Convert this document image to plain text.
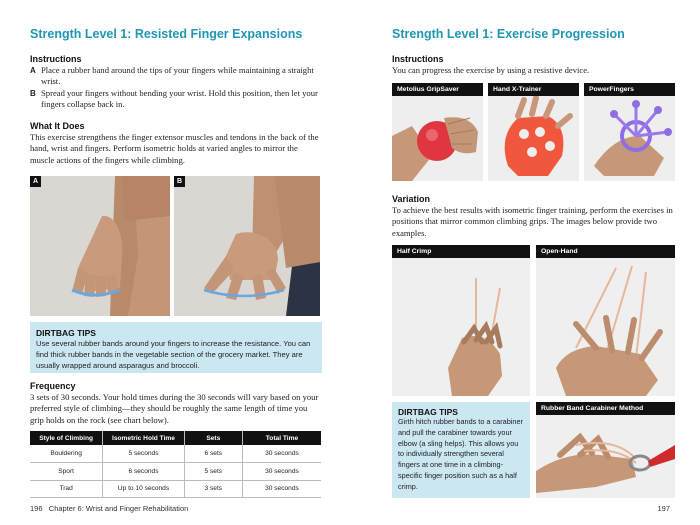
Strength Level 1: Resisted Finger Expansions
Instructions
A Place a rubber band around the tips of your fingers while maintaining a straight wrist.
B Spread your fingers without bending your wrist. Hold this position, then let your fingers collapse back in.
What It Does
This exercise strengthens the finger extensor muscles and tendons in the back of the hand, wrist and fingers. Perform isometric holds at varied angles to mirror the muscle actions of the fingers while climbing.
A	B
DIRTBAG TIPS
Use several rubber bands around your fingers to increase the resistance. You can find thick rubber bands in the vegetable section of the grocery market. They are usually wrapped around asparagus and broccoli.
Frequency
3 sets of 30 seconds. Your hold times during the 30 seconds will vary based on your preferred style of climbing—they should be roughly the same length of time you grip holds on the rock (see chart below).
Style of Climbing	Isometric Hold Time	Sets	Total Time
Bouldering	5 seconds	6 sets	30 seconds
Sport	6 seconds	5 sets	30 seconds
Trad	Up to 10 seconds	3 sets	30 seconds
196 Chapter 6: Wrist and Finger Rehabilitation
Strength Level 1: Exercise Progression
Instructions
You can progress the exercise by using a resistive device.
Metolius GripSaver	Hand X-Trainer	PowerFingers
Variation
To achieve the best results with isometric finger training, perform the exercises in positions that mirror common climbing grips. The images below provide two examples.
Half Crimp	Open-Hand
DIRTBAG TIPS
Girth hitch rubber bands to a carabiner and pull the carabiner towards your elbow (a sling helps). This allows you to individually strengthen several fingers at one time in a climbing-specific finger position such as a half crimp.
Rubber Band Carabiner Method
197
